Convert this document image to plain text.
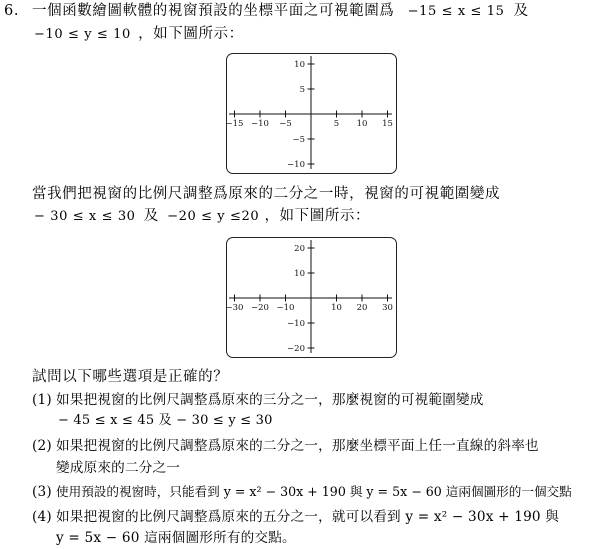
6. 一個函數繪圖軟體的視窗預設的坐標平面之可視範圍爲 −15 ≤ x ≤ 15 及
−10 ≤ y ≤ 10 ，如下圖所示：
−15 −10 −5	5 10 15
10
5
−5
−10
當我們把視窗的比例尺調整爲原來的二分之一時，視窗的可視範圍變成
− 30 ≤ x ≤ 30 及 −20 ≤ y ≤20 ，如下圖所示：
−30 −20 −10	10 20 30
20
10
−10
−20
試問以下哪些選項是正確的？
(1) 如果把視窗的比例尺調整爲原來的三分之一，那麼視窗的可視範圍變成
− 45 ≤ x ≤ 45 及 − 30 ≤ y ≤ 30
(2) 如果把視窗的比例尺調整爲原來的二分之一，那麼坐標平面上任一直線的斜率也
變成原來的二分之一
(3) 使用預設的視窗時，只能看到 y = x² − 30x + 190 與 y = 5x − 60 這兩個圖形的一個交點
(4) 如果把視窗的比例尺調整爲原來的五分之一，就可以看到 y = x² − 30x + 190 與
y = 5x − 60 這兩個圖形所有的交點。
